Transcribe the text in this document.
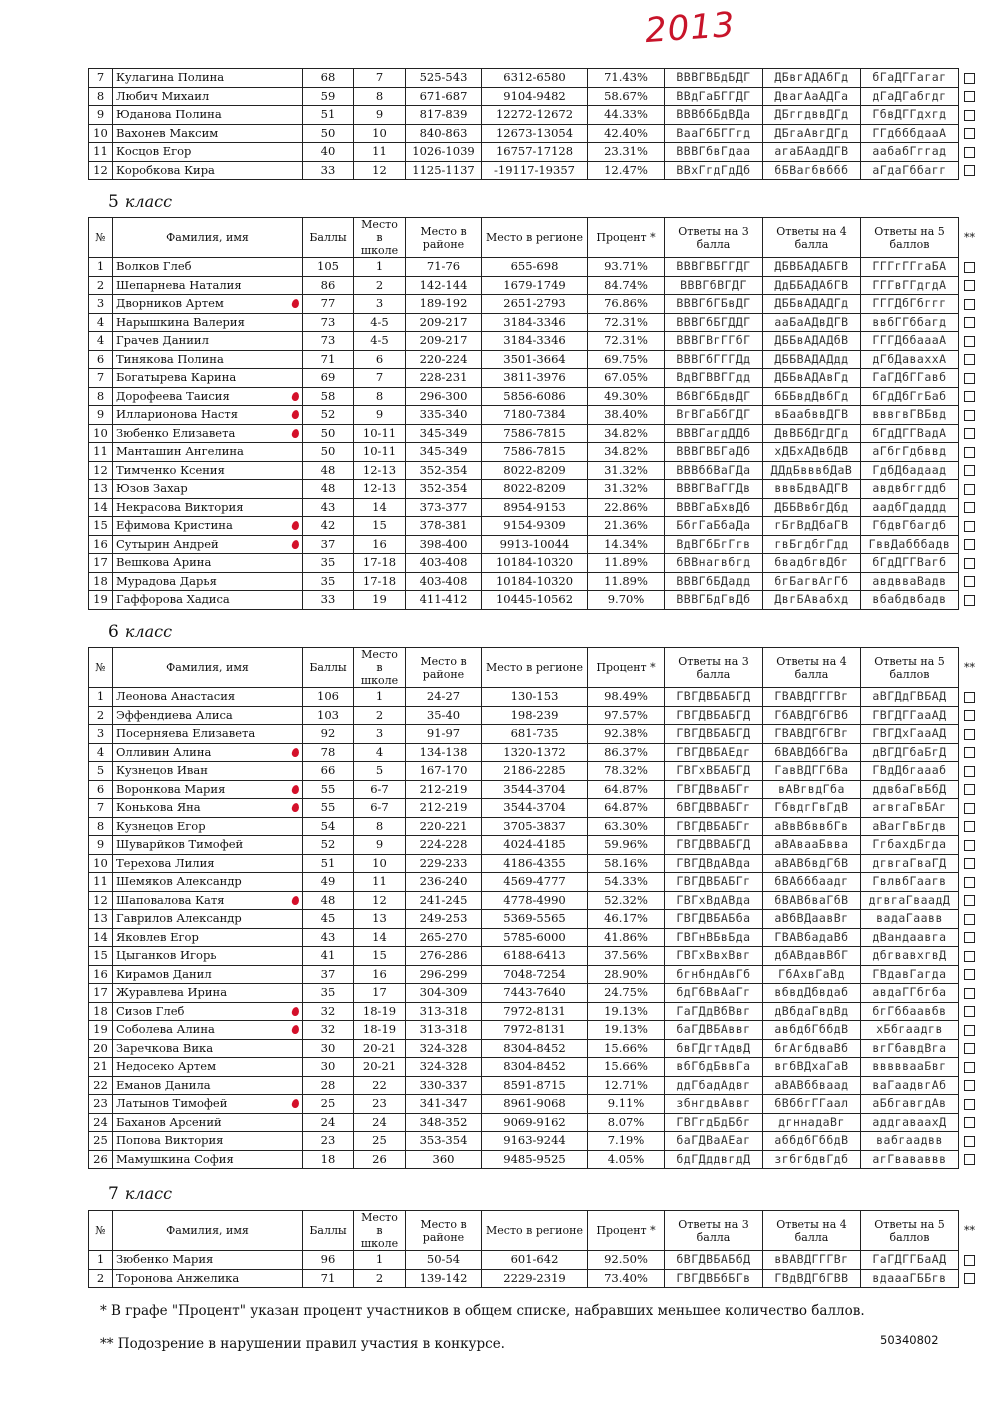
2013
7	Кулагина Полина	68	7	525-543	6312-6580	71.43%	ВВВГВБдБДГ	ДБвгАДАбГд	бГаДГГагаг	
8	Любич Михаил	59	8	671-687	9104-9482	58.67%	ВВдГаБГГДГ	ДвагАаАДГа	дГаДГабгдг	
9	Юданова Полина	51	9	817-839	12272-12672	44.33%	ВВВббБдВДа	ДБггдввДГд	ГбвДГГдхгд	
10	Вахонев Максим	50	10	840-863	12673-13054	42.40%	ВааГбБГГгд	ДБгаАвгДГд	ГГдбббдааА	
11	Косцов Егор	40	11	1026-1039	16757-17128	23.31%	ВВВГбвГдаа	агаБАадДГВ	аабабГггад	
12	Коробкова Кира	33	12	1125-1137	-19117-19357	12.47%	ВВхГгдГдДб	бБВагбвббб	аГдаГббагг	
5 класс
№	Фамилия, имя	Баллы	Место в школе	Место в районе	Место в регионе	Процент *	Ответы на 3 балла	Ответы на 4 балла	Ответы на 5 баллов	**
1	Волков Глеб	105	1	71-76	655-698	93.71%	ВВВГВБГГДГ	ДБВБАДАБГВ	ГГГгГГгаБА	
2	Шепарнева Наталия	86	2	142-144	1679-1749	84.74%	ВВВГбВГДГ	ДдББАДАбГВ	ГГГвГГдгдА	
3	Дворников Артем	77	3	189-192	2651-2793	76.86%	ВВВГбГБвДГ	ДББвАДАДГд	ГГГДбГбггг	
4	Нарышкина Валерия	73	4-5	209-217	3184-3346	72.31%	ВВВГбБГДДГ	ааБаАДвДГВ	ввбГГббагд	
4	Грачев Даниил	73	4-5	209-217	3184-3346	72.31%	ВВВГВгГГбГ	ДББвАДАДбВ	ГГГДббаааА	
6	Тинякова Полина	71	6	220-224	3501-3664	69.75%	ВВВГбГГГДд	ДББВАДАДдд	дГбДаваххА	
7	Богатырева Карина	69	7	228-231	3811-3976	67.05%	ВдВГВВГГдд	ДББвАДАвГд	ГаГДбГГавб	
8	Дорофеева Таисия	58	8	296-300	5856-6086	49.30%	ВбВГбБдвДГ	бББвдДвбГд	бГдДбГгБаб	
9	Илларионова Настя	52	9	335-340	7180-7384	38.40%	ВгВГаБбГДГ	вБаабввДГВ	вввгвГВБвд	
10	Зюбенко Елизавета	50	10-11	345-349	7586-7815	34.82%	ВВВГагдДДб	ДвВБбДгДГд	бГдДГГВадА	
11	Манташин Ангелина	50	10-11	345-349	7586-7815	34.82%	ВВВГВБГаДб	хДБхАДвбДВ	аГбгГдбввд	
12	Тимченко Ксения	48	12-13	352-354	8022-8209	31.32%	ВВВббВаГДа	ДДдБвввбДаВ	ГдбДбадаад	
13	Юзов Захар	48	12-13	352-354	8022-8209	31.32%	ВВВГВаГГДв	вввБдвАДГВ	авдвбггддб	
14	Некрасова Виктория	43	14	373-377	8954-9153	22.86%	ВВВГаБхвДб	ДББВвбгДбд	аадбГдаддд	
15	Ефимова Кристина	42	15	378-381	9154-9309	21.36%	БбгГаБбаДа	гБгВдДбаГВ	ГбдвГбагдб	
16	Сутырин Андрей	37	16	398-400	9913-10044	14.34%	ВдВГбБгГгв	гвБгдбгГдд	ГввДабббадв	
17	Вешкова Арина	35	17-18	403-408	10184-10320	11.89%	бВВнагвбгд	бвадбгвДбг	бГдДГГВагб	
18	Мурадова Дарья	35	17-18	403-408	10184-10320	11.89%	ВВВГбБДадд	бгБагвАгГб	авдвваВадв	
19	Гаффорова Хадиса	33	19	411-412	10445-10562	9.70%	ВВВГБдГвДб	ДвгБАвабхд	вбабдвбадв	
6 класс
№	Фамилия, имя	Баллы	Место в школе	Место в районе	Место в регионе	Процент *	Ответы на 3 балла	Ответы на 4 балла	Ответы на 5 баллов	**
1	Леонова Анастасия	106	1	24-27	130-153	98.49%	ГВГДВБАБГД	ГВАВДГГГВг	аВГДдГВБАД	
2	Эффендиева Алиса	103	2	35-40	198-239	97.57%	ГВГДВБАБГД	ГбАВДГбГВб	ГВГДГГааАД	
3	Посерняева Елизавета	92	3	91-97	681-735	92.38%	ГВГДВБАБГД	ГВАВДГбГВг	ГВГДхГааАД	
4	Олливин Алина	78	4	134-138	1320-1372	86.37%	ГВГДВБАЕдг	бВАВДббГВа	дВГДГбаБгД	
5	Кузнецов Иван	66	5	167-170	2186-2285	78.32%	ГВГхВБАБГД	ГавВДГГбВа	ГВдДбгаааб	
6	Воронкова Мария	55	6-7	212-219	3544-3704	64.87%	ГВГДВвАБГг	вАВгвдГба	ддвбаГвБбД	
7	Конькова Яна	55	6-7	212-219	3544-3704	64.87%	бВГДВВАБГг	ГбвдгГвГдВ	агвгаГвБАг	
8	Кузнецов Егор	54	8	220-221	3705-3837	63.30%	ГВГДВБАБГг	аВвВбввбГв	аВагГвБгдв	
9	Шуварйков Тимофей	52	9	224-228	4024-4185	59.96%	ГВГДВВАБГД	аВАвааБвва	ГгбахдБгда	
10	Терехова Лилия	51	10	229-233	4186-4355	58.16%	ГВГДВдАВда	аВАВбвдГбВ	дгвгаГваГД	
11	Шемяков Александр	49	11	236-240	4569-4777	54.33%	ГВГДВБАБГг	бВАбббаадг	ГвлвбГаагв	
12	Шаповалова Катя	48	12	241-245	4778-4990	52.32%	ГВГхВдАВда	бВАВбваГбВ	дгвгаГваадД	
13	Гаврилов Александр	45	13	249-253	5369-5565	46.17%	ГВГДВБАБба	аВбВДаавВг	вадаГаавв	
14	Яковлев Егор	43	14	265-270	5785-6000	41.86%	ГВГнВБвБда	ГВАВбадаВб	дВандаавга	
15	Цыганков Игорь	41	15	276-286	6188-6413	37.56%	ГВГхВвхВвг	дбАВдавВбГ	дбгвавхгвД	
16	Кирамов Данил	37	16	296-299	7048-7254	28.90%	бгнбндАвГб	ГбАхвГаВд	ГВдавГагда	
17	Журавлева Ирина	35	17	304-309	7443-7640	24.75%	бдГбВвАаГг	вбвдДбвдаб	авдаГГбгба	
18	Сизов Глеб	32	18-19	313-318	7972-8131	19.13%	ГаГДдВбВвг	дВбдаГвдВд	бгГббаавбв	
19	Соболева Алина	32	18-19	313-318	7972-8131	19.13%	баГДВБАввг	авбдбГббдВ	хБбгаадгв	
20	Заречкова Вика	30	20-21	324-328	8304-8452	15.66%	бвГДгтАдвД	бгАгбдваВб	вгГбавдВга	
21	Недосеко Артем	30	20-21	324-328	8304-8452	15.66%	вбГбдБввГа	вгбВДхаГаВ	вввввааБвг	
22	Еманов Данила	28	22	330-337	8591-8715	12.71%	ддГбадАдвг	аВАВббваад	ваГаадвгАб	
23	Латынов Тимофей	25	23	341-347	8961-9068	9.11%	збнгдвАввг	бВббгГГаал	аБбгавгдАв	
24	Баханов Арсений	24	24	348-352	9069-9162	8.07%	ГВГгдБдБбг	дгннадаВг	аддгаваахД	
25	Попова Виктория	23	25	353-354	9163-9244	7.19%	баГДВаАЕаг	аббдбГббдВ	вабгаадвв	
26	Мамушкина София	18	26	360	9485-9525	4.05%	бдГДддвгдД	згбгбдвГдб	агГвававвв	
7 класс
№	Фамилия, имя	Баллы	Место в школе	Место в районе	Место в регионе	Процент *	Ответы на 3 балла	Ответы на 4 балла	Ответы на 5 баллов	**
1	Зюбенко Мария	96	1	50-54	601-642	92.50%	бВГДВБАБбД	вВАВДГГГВг	ГаГДГГБаАД	
2	Торонова Анжелика	71	2	139-142	2229-2319	73.40%	ГВГДВБбБГв	ГВдВДГбГВВ	вдаааГББгв	
* В графе "Процент" указан процент участников в общем списке, набравших меньшее количество баллов.
** Подозрение в нарушении правил участия в конкурсе.	50340802
